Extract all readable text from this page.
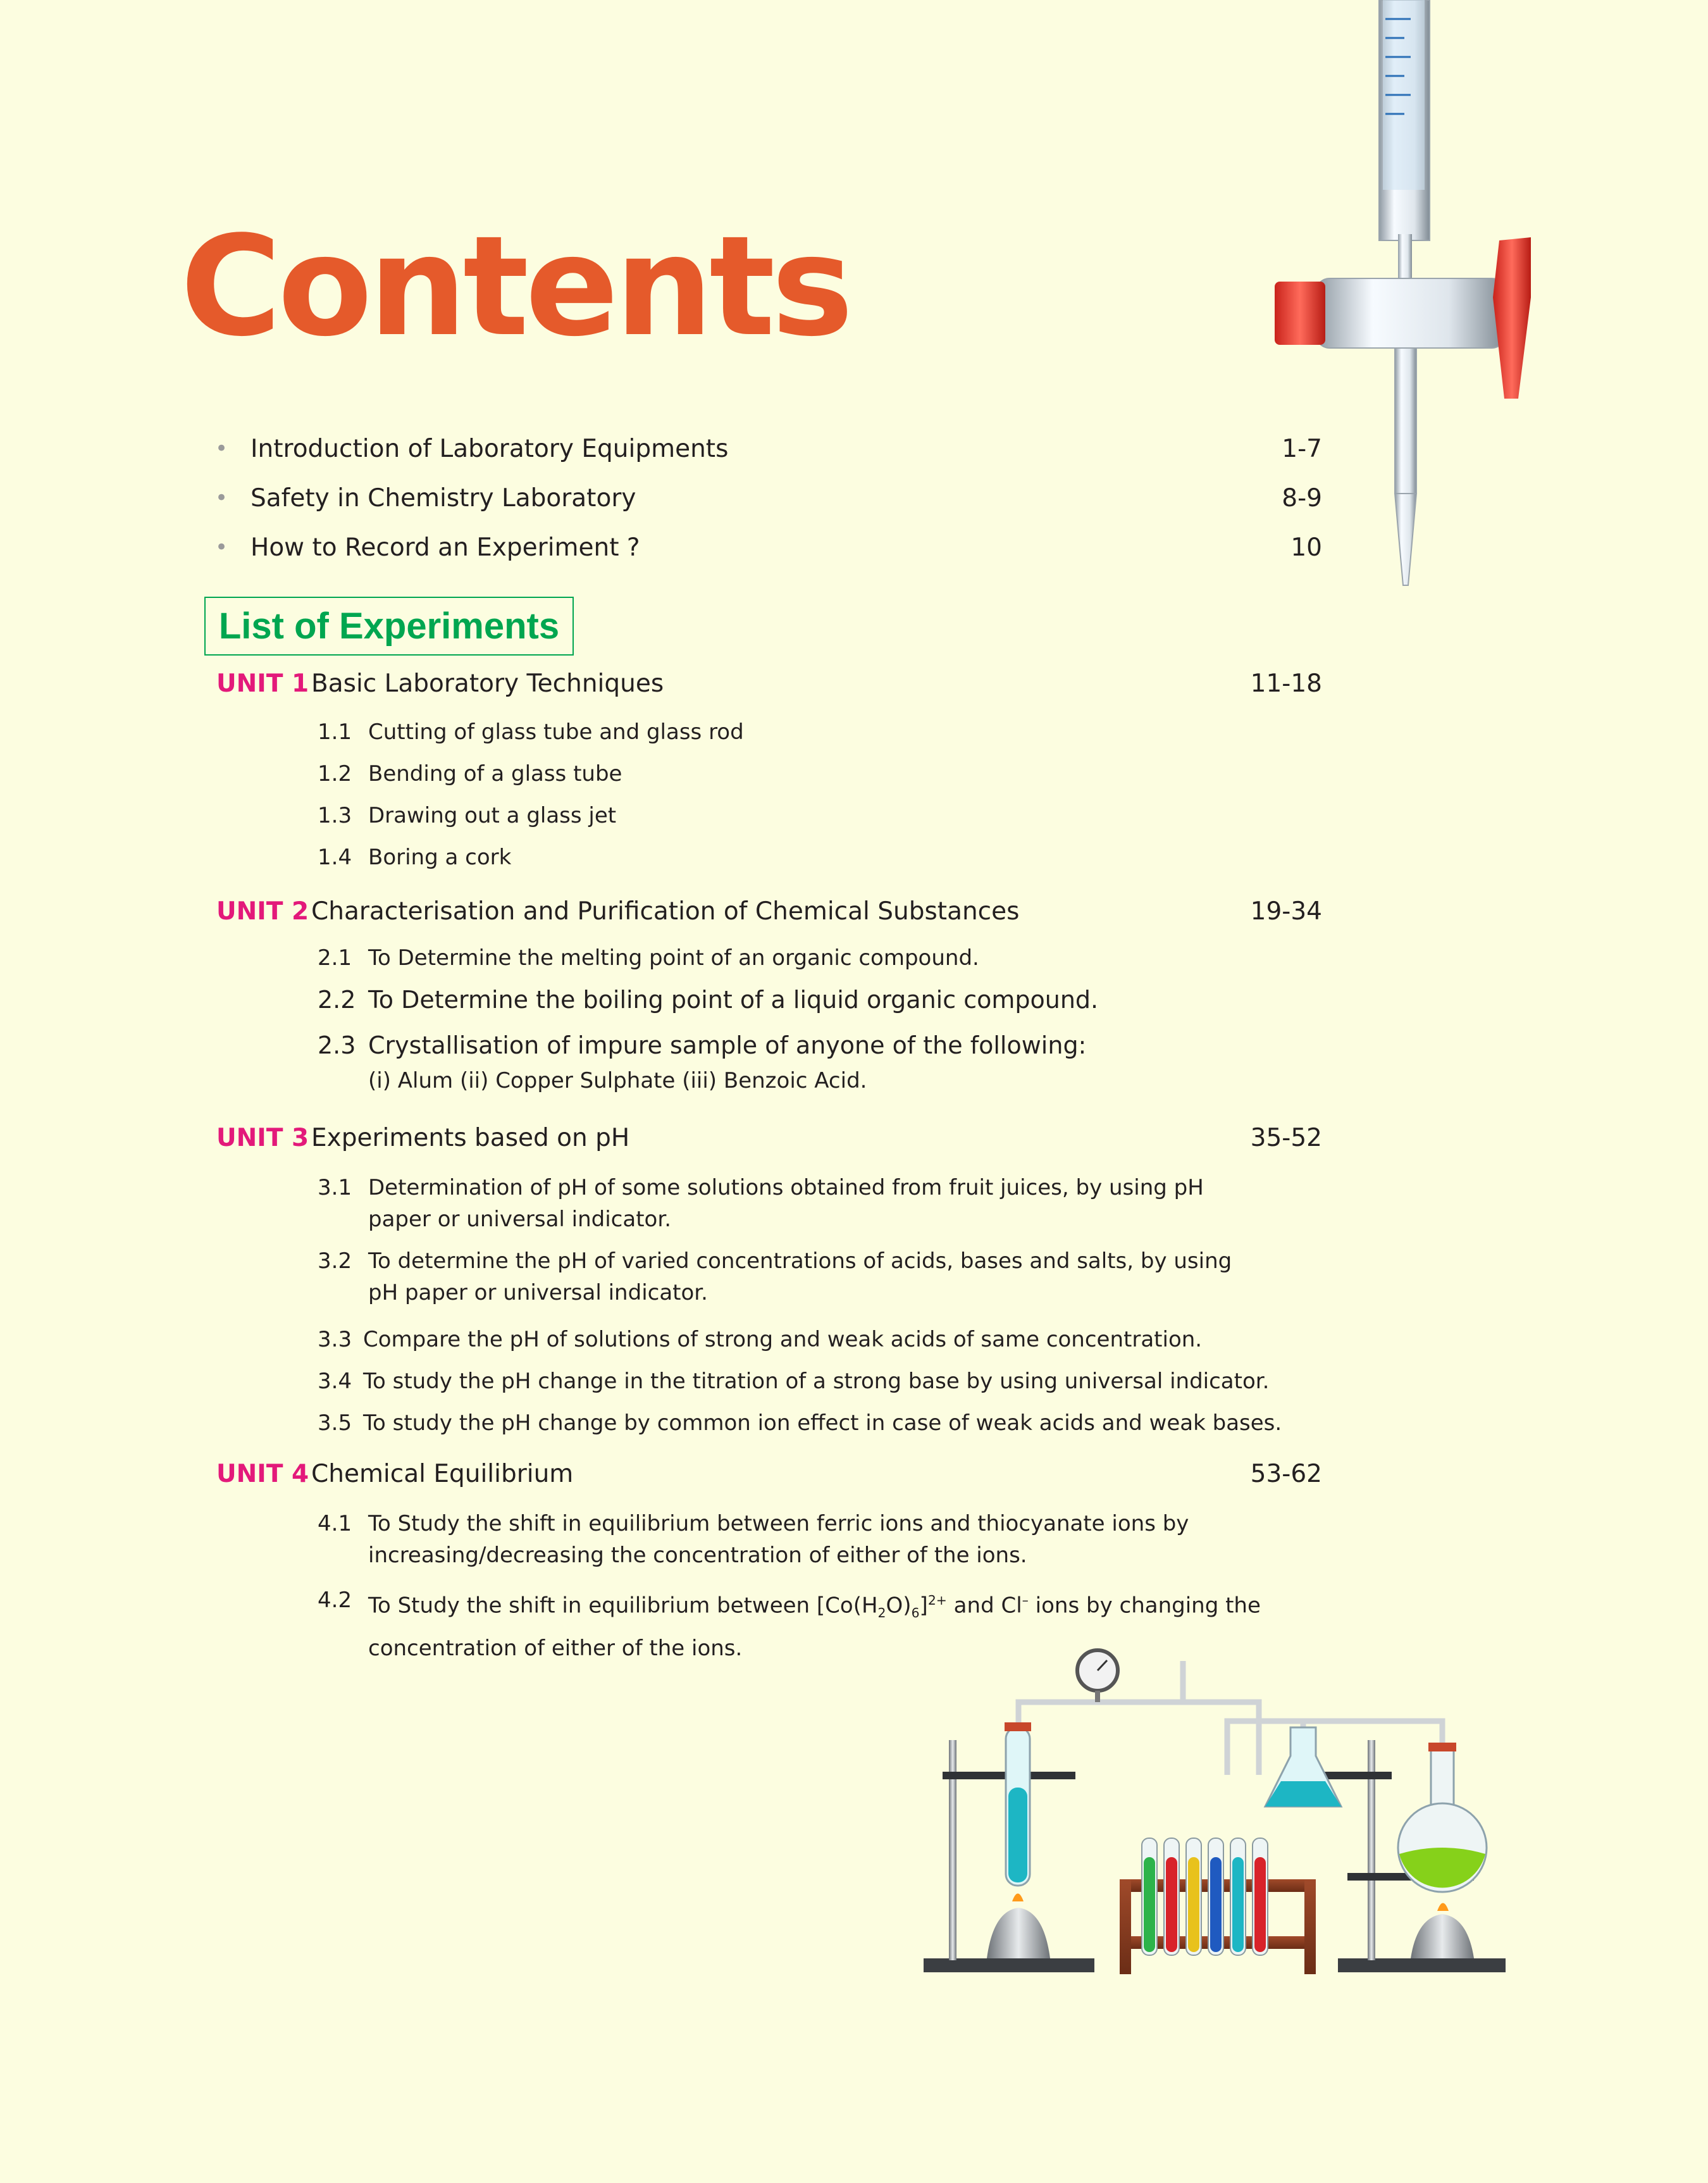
Contents
• Introduction of Laboratory Equipments	1-7
• Safety in Chemistry Laboratory	8-9
• How to Record an Experiment ?	10
List of Experiments
UNIT 1 Basic Laboratory Techniques	11-18
1.1 Cutting of glass tube and glass rod
1.2 Bending of a glass tube
1.3 Drawing out a glass jet
1.4 Boring a cork
UNIT 2 Characterisation and Purification of Chemical Substances	19-34
2.1 To Determine the melting point of an organic compound.
2.2 To Determine the boiling point of a liquid organic compound.
2.3 Crystallisation of impure sample of anyone of the following:
(i) Alum (ii) Copper Sulphate (iii) Benzoic Acid.
UNIT 3 Experiments based on pH	35-52
3.1 Determination of pH of some solutions obtained from fruit juices, by using pH paper or universal indicator.
3.2 To determine the pH of varied concentrations of acids, bases and salts, by using pH paper or universal indicator.
3.3 Compare the pH of solutions of strong and weak acids of same concentration.
3.4 To study the pH change in the titration of a strong base by using universal indicator.
3.5 To study the pH change by common ion effect in case of weak acids and weak bases.
UNIT 4 Chemical Equilibrium	53-62
4.1 To Study the shift in equilibrium between ferric ions and thiocyanate ions by increasing/decreasing the concentration of either of the ions.
4.2 To Study the shift in equilibrium between $[Co(H_2O)_6]^{2+}$ and Cl– ions by changing the concentration of either of the ions.
